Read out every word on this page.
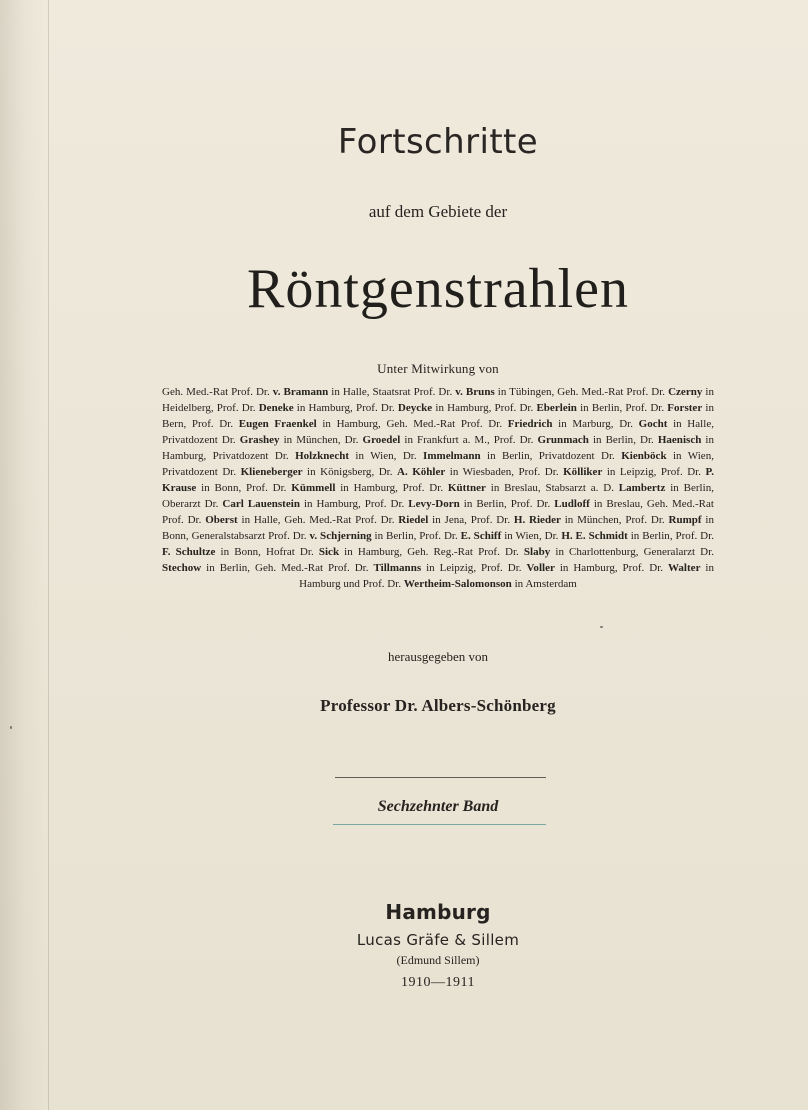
Fortschritte
auf dem Gebiete der
Röntgenstrahlen
Unter Mitwirkung von
Geh. Med.-Rat Prof. Dr. v. Bramann in Halle, Staatsrat Prof. Dr. v. Bruns in Tübingen, Geh. Med.-Rat Prof. Dr. Czerny in Heidelberg, Prof. Dr. Deneke in Hamburg, Prof. Dr. Deycke in Hamburg, Prof. Dr. Eberlein in Berlin, Prof. Dr. Forster in Bern, Prof. Dr. Eugen Fraenkel in Hamburg, Geh. Med.-Rat Prof. Dr. Friedrich in Marburg, Dr. Gocht in Halle, Privatdozent Dr. Grashey in München, Dr. Groedel in Frankfurt a. M., Prof. Dr. Grunmach in Berlin, Dr. Haenisch in Hamburg, Privatdozent Dr. Holzknecht in Wien, Dr. Immelmann in Berlin, Privatdozent Dr. Kienböck in Wien, Privatdozent Dr. Klieneberger in Königsberg, Dr. A. Köhler in Wiesbaden, Prof. Dr. Kölliker in Leipzig, Prof. Dr. P. Krause in Bonn, Prof. Dr. Kümmell in Hamburg, Prof. Dr. Küttner in Breslau, Stabsarzt a. D. Lambertz in Berlin, Oberarzt Dr. Carl Lauenstein in Hamburg, Prof. Dr. Levy-Dorn in Berlin, Prof. Dr. Ludloff in Breslau, Geh. Med.-Rat Prof. Dr. Oberst in Halle, Geh. Med.-Rat Prof. Dr. Riedel in Jena, Prof. Dr. H. Rieder in München, Prof. Dr. Rumpf in Bonn, Generalstabsarzt Prof. Dr. v. Schjerning in Berlin, Prof. Dr. E. Schiff in Wien, Dr. H. E. Schmidt in Berlin, Prof. Dr. F. Schultze in Bonn, Hofrat Dr. Sick in Hamburg, Geh. Reg.-Rat Prof. Dr. Slaby in Charlottenburg, Generalarzt Dr. Stechow in Berlin, Geh. Med.-Rat Prof. Dr. Tillmanns in Leipzig, Prof. Dr. Voller in Hamburg, Prof. Dr. Walter in Hamburg und Prof. Dr. Wertheim-Salomonson in Amsterdam
herausgegeben von
Professor Dr. Albers-Schönberg
Sechzehnter Band
Hamburg
Lucas Gräfe & Sillem
(Edmund Sillem)
1910—1911
